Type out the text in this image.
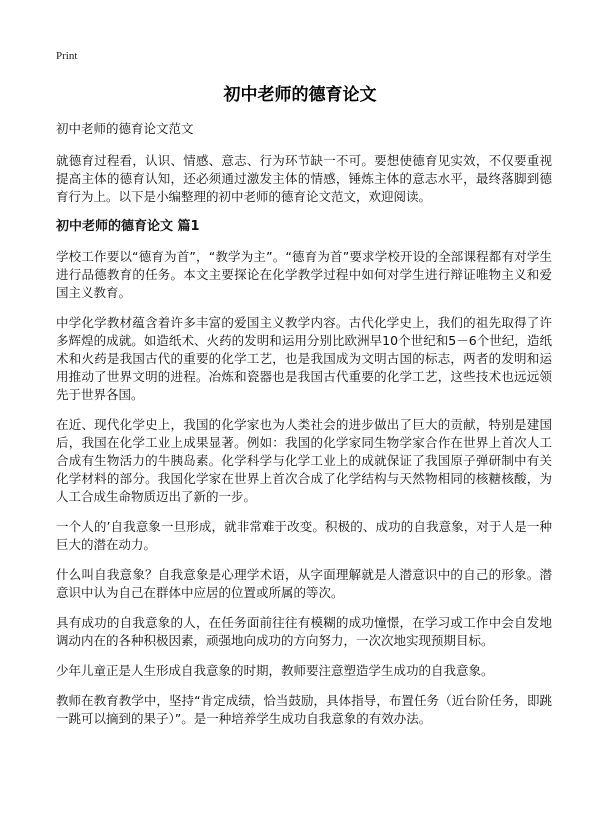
Print
初中老师的德育论文

初中老师的德育论文范文

就德育过程看，认识、情感、意志、行为环节缺一不可。要想使德育见实效，不仅要重视提高主体的德育认知，还必须通过激发主体的情感，锤炼主体的意志水平，最终落脚到德育行为上。以下是小编整理的初中老师的德育论文范文，欢迎阅读。

初中老师的德育论文 篇1

学校工作要以“德育为首”，“教学为主”。“德育为首”要求学校开设的全部课程都有对学生进行品德教育的任务。本文主要探论在化学教学过程中如何对学生进行辩证唯物主义和爱国主义教育。

中学化学教材蕴含着许多丰富的爱国主义教学内容。古代化学史上，我们的祖先取得了许多辉煌的成就。如造纸术、火药的发明和运用分别比欧洲早10个世纪和5－6个世纪，造纸术和火药是我国古代的重要的化学工艺，也是我国成为文明古国的标志，两者的发明和运用推动了世界文明的进程。冶炼和瓷器也是我国古代重要的化学工艺，这些技术也远远领先于世界各国。

在近、现代化学史上，我国的化学家也为人类社会的进步做出了巨大的贡献，特别是建国后，我国在化学工业上成果显著。例如：我国的化学家同生物学家合作在世界上首次人工合成有生物活力的牛胰岛素。化学科学与化学工业上的成就保证了我国原子弹研制中有关化学材料的部分。我国化学家在世界上首次合成了化学结构与天然物相同的核糖核酸，为人工合成生命物质迈出了新的一步。

一个人的’自我意象一旦形成，就非常难于改变。积极的、成功的自我意象，对于人是一种巨大的潜在动力。

什么叫自我意象？自我意象是心理学术语，从字面理解就是人潜意识中的自己的形象。潜意识中认为自己在群体中应居的位置或所属的等次。

具有成功的自我意象的人，在任务面前往往有模糊的成功憧憬，在学习或工作中会自发地调动内在的各种积极因素，顽强地向成功的方向努力，一次次地实现预期目标。

少年儿童正是人生形成自我意象的时期，教师要注意塑造学生成功的自我意象。

教师在教育教学中，坚持“肯定成绩，恰当鼓励，具体指导，布置任务（近台阶任务，即跳一跳可以摘到的果子）”。是一种培养学生成功自我意象的有效办法。
